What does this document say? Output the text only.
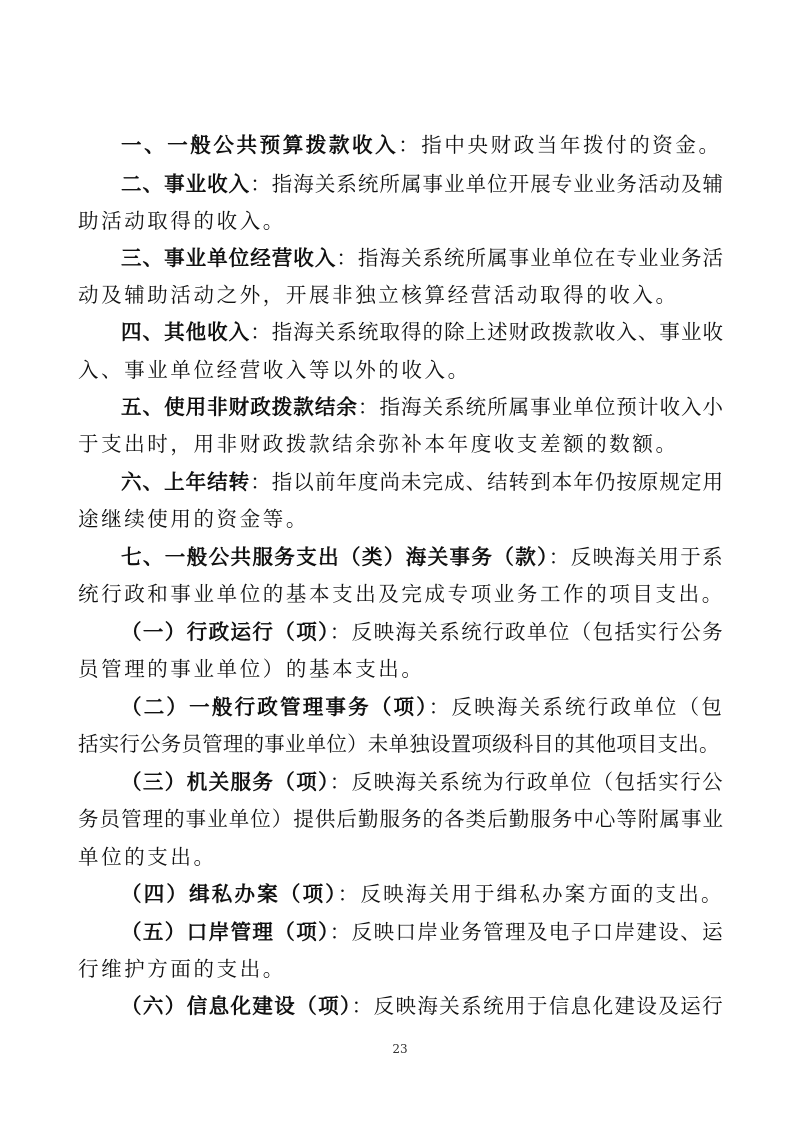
一、一般公共预算拨款收入：指中央财政当年拨付的资金。
二、事业收入：指海关系统所属事业单位开展专业业务活动及辅
助活动取得的收入。
三、事业单位经营收入：指海关系统所属事业单位在专业业务活
动及辅助活动之外，开展非独立核算经营活动取得的收入。
四、其他收入：指海关系统取得的除上述财政拨款收入、事业收
入、事业单位经营收入等以外的收入。
五、使用非财政拨款结余：指海关系统所属事业单位预计收入小
于支出时，用非财政拨款结余弥补本年度收支差额的数额。
六、上年结转：指以前年度尚未完成、结转到本年仍按原规定用
途继续使用的资金等。
七、一般公共服务支出（类）海关事务（款）：反映海关用于系
统行政和事业单位的基本支出及完成专项业务工作的项目支出。
（一）行政运行（项）：反映海关系统行政单位（包括实行公务
员管理的事业单位）的基本支出。
（二）一般行政管理事务（项）：反映海关系统行政单位（包
括实行公务员管理的事业单位）未单独设置项级科目的其他项目支出。
（三）机关服务（项）：反映海关系统为行政单位（包括实行公
务员管理的事业单位）提供后勤服务的各类后勤服务中心等附属事业
单位的支出。
（四）缉私办案（项）：反映海关用于缉私办案方面的支出。
（五）口岸管理（项）：反映口岸业务管理及电子口岸建设、运
行维护方面的支出。
（六）信息化建设（项）：反映海关系统用于信息化建设及运行
23
